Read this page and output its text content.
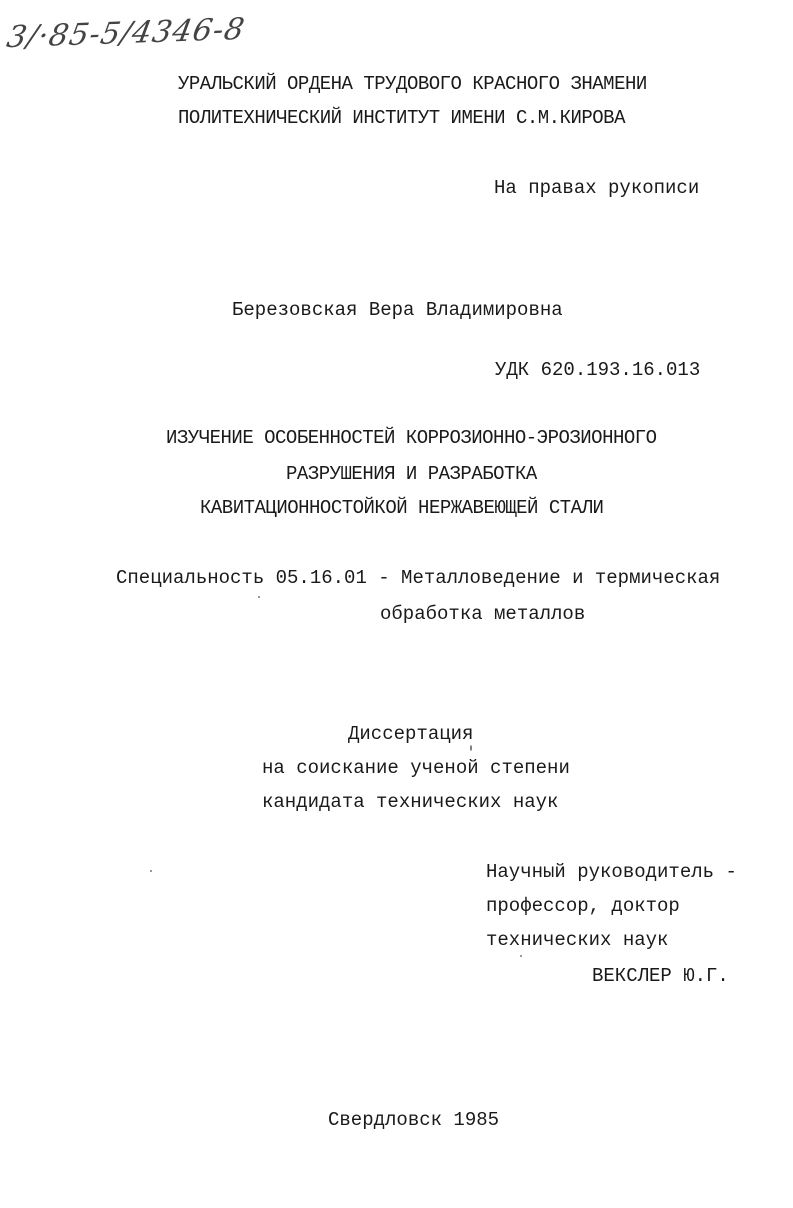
3/·85-5/4346-8
УРАЛЬСКИЙ ОРДЕНА ТРУДОВОГО КРАСНОГО ЗНАМЕНИ
ПОЛИТЕХНИЧЕСКИЙ ИНСТИТУТ ИМЕНИ С.М.КИРОВА
На правах рукописи
Березовская Вера Владимировна
УДК 620.193.16.013
ИЗУЧЕНИЕ ОСОБЕННОСТЕЙ КОРРОЗИОННО-ЭРОЗИОННОГО
РАЗРУШЕНИЯ И РАЗРАБОТКА
КАВИТАЦИОННОСТОЙКОЙ НЕРЖАВЕЮЩЕЙ СТАЛИ
Специальность 05.16.01 - Металловедение и термическая
обработка металлов
Диссертация
на соискание ученой степени
кандидата технических наук
Научный руководитель -
профессор, доктор
технических наук
ВЕКСЛЕР Ю.Г.
Свердловск 1985
